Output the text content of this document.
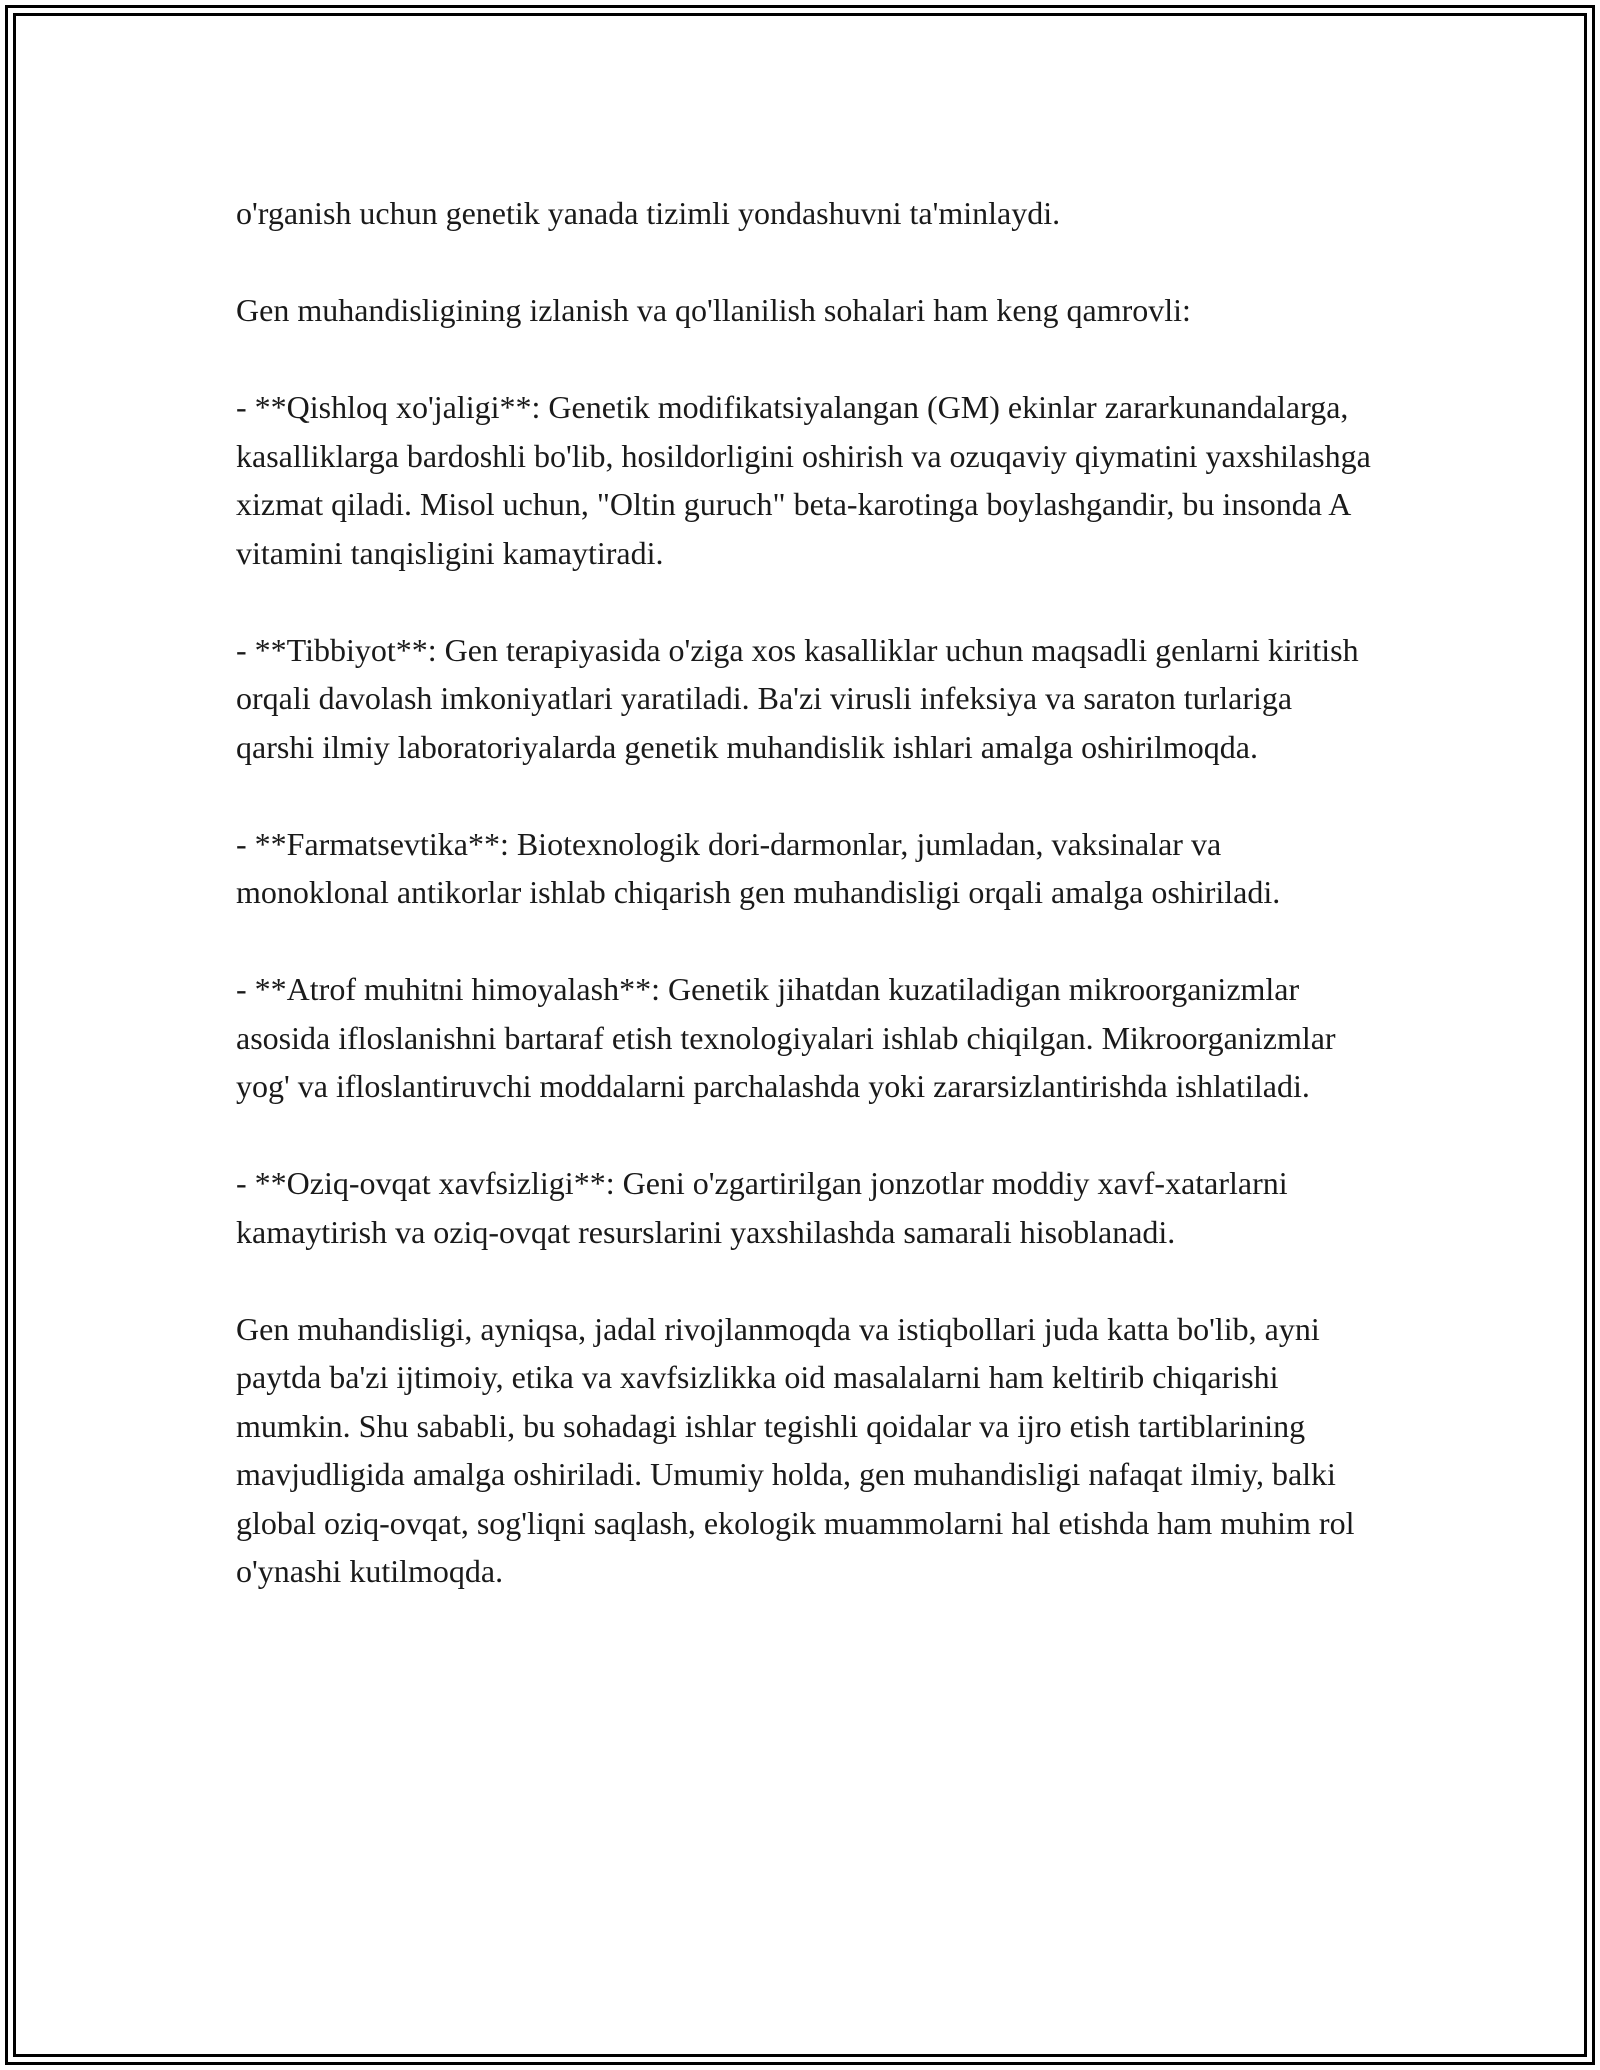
o'rganish uchun genetik yanada tizimli yondashuvni ta'minlaydi.

Gen muhandisligining izlanish va qo'llanilish sohalari ham keng qamrovli:

- **Qishloq xo'jaligi**: Genetik modifikatsiyalangan (GM) ekinlar zararkunandalarga, kasalliklarga bardoshli bo'lib, hosildorligini oshirish va ozuqaviy qiymatini yaxshilashga xizmat qiladi. Misol uchun, "Oltin guruch" beta-karotinga boylashgandir, bu insonda A vitamini tanqisligini kamaytiradi.

- **Tibbiyot**: Gen terapiyasida o'ziga xos kasalliklar uchun maqsadli genlarni kiritish orqali davolash imkoniyatlari yaratiladi. Ba'zi virusli infeksiya va saraton turlariga qarshi ilmiy laboratoriyalarda genetik muhandislik ishlari amalga oshirilmoqda.

- **Farmatsevtika**: Biotexnologik dori-darmonlar, jumladan, vaksinalar va monoklonal antikorlar ishlab chiqarish gen muhandisligi orqali amalga oshiriladi.

- **Atrof muhitni himoyalash**: Genetik jihatdan kuzatiladigan mikroorganizmlar asosida ifloslanishni bartaraf etish texnologiyalari ishlab chiqilgan. Mikroorganizmlar yog' va ifloslantiruvchi moddalarni parchalashda yoki zararsizlantirishda ishlatiladi.

- **Oziq-ovqat xavfsizligi**: Geni o'zgartirilgan jonzotlar moddiy xavf-xatarlarni kamaytirish va oziq-ovqat resurslarini yaxshilashda samarali hisoblanadi.

Gen muhandisligi, ayniqsa, jadal rivojlanmoqda va istiqbollari juda katta bo'lib, ayni paytda ba'zi ijtimoiy, etika va xavfsizlikka oid masalalarni ham keltirib chiqarishi mumkin. Shu sababli, bu sohadagi ishlar tegishli qoidalar va ijro etish tartiblarining mavjudligida amalga oshiriladi. Umumiy holda, gen muhandisligi nafaqat ilmiy, balki global oziq-ovqat, sog'liqni saqlash, ekologik muammolarni hal etishda ham muhim rol o'ynashi kutilmoqda.
